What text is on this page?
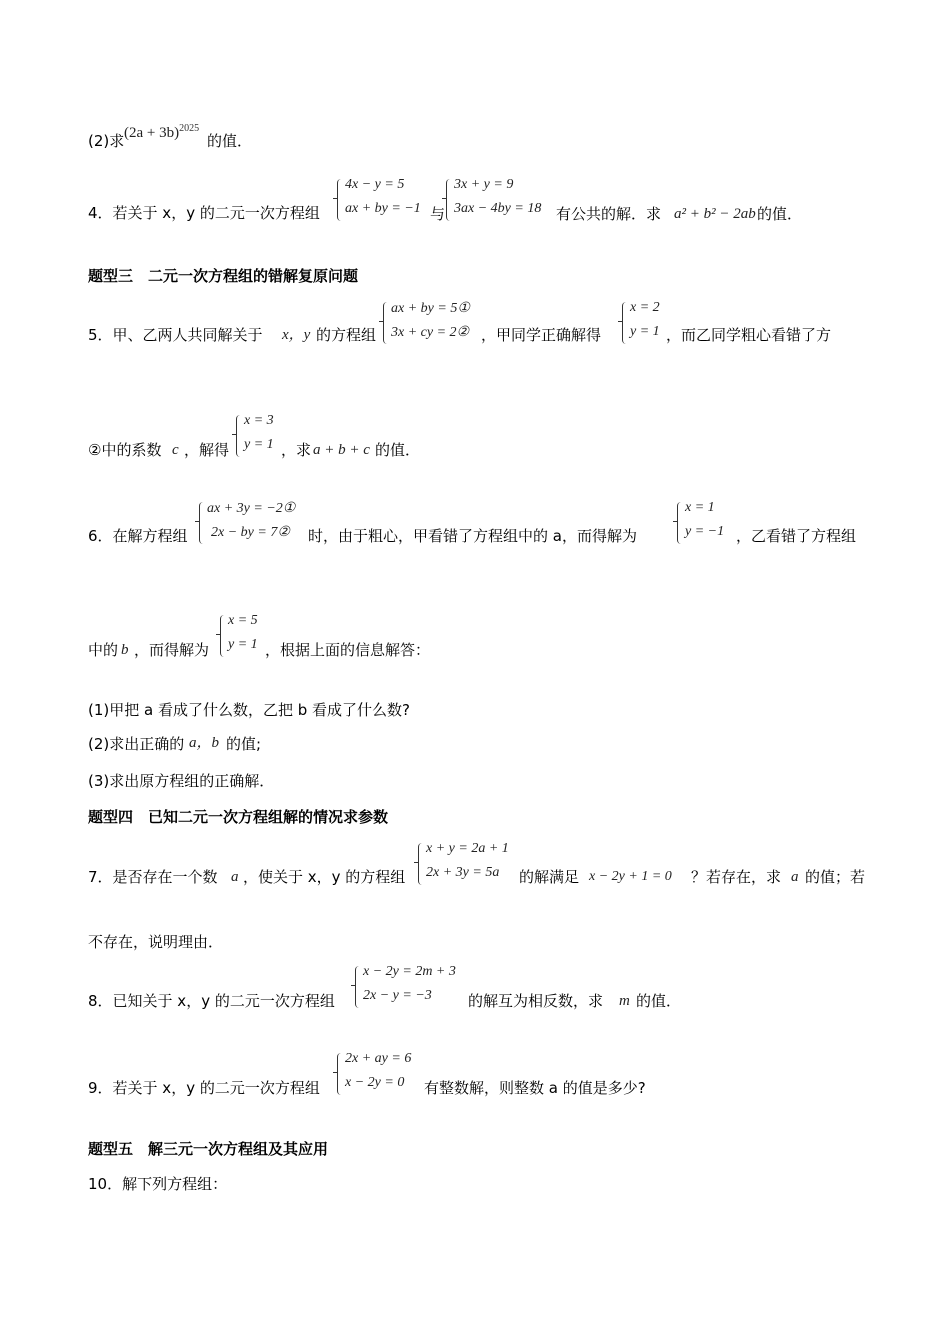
(2)求 $(2a + 3b)^{2025}$
的值．
4．若关于 x，y 的二元一次方程组
4x − y = 5
ax + by = −1 与
3x + y = 9
3ax − 4by = 18 有公共的解．求 a² + b² − 2ab 的值．
题型三　二元一次方程组的错解复原问题
5．甲、乙两人共同解关于 x，y 的方程组
ax + by = 5①
3x + cy = 2② ，甲同学正确解得
x = 2
y = 1 ，而乙同学粗心看错了方
②中的系数 c ，解得
x = 3
y = 1 ，求 a + b + c 的值．
6．在解方程组
ax + 3y = −2①
2x − by = 7② 时，由于粗心，甲看错了方程组中的 a，而得解为
x = 1
y = −1 ，乙看错了方程组
中的 b ，而得解为
x = 5
y = 1 ，根据上面的信息解答：
(1)甲把 a 看成了什么数，乙把 b 看成了什么数?
(2)求出正确的 a，b 的值;
(3)求出原方程组的正确解．
题型四　已知二元一次方程组解的情况求参数
7．是否存在一个数 a ，使关于 x，y 的方程组
x + y = 2a + 1
2x + 3y = 5a 的解满足 x − 2y + 1 = 0 ？若存在，求 a 的值；若
不存在，说明理由．
8．已知关于 x，y 的二元一次方程组
x − 2y = 2m + 3
2x − y = −3 的解互为相反数，求 m 的值．
9．若关于 x，y 的二元一次方程组
2x + ay = 6
x − 2y = 0 有整数解，则整数 a 的值是多少?
题型五　解三元一次方程组及其应用
10．解下列方程组：
